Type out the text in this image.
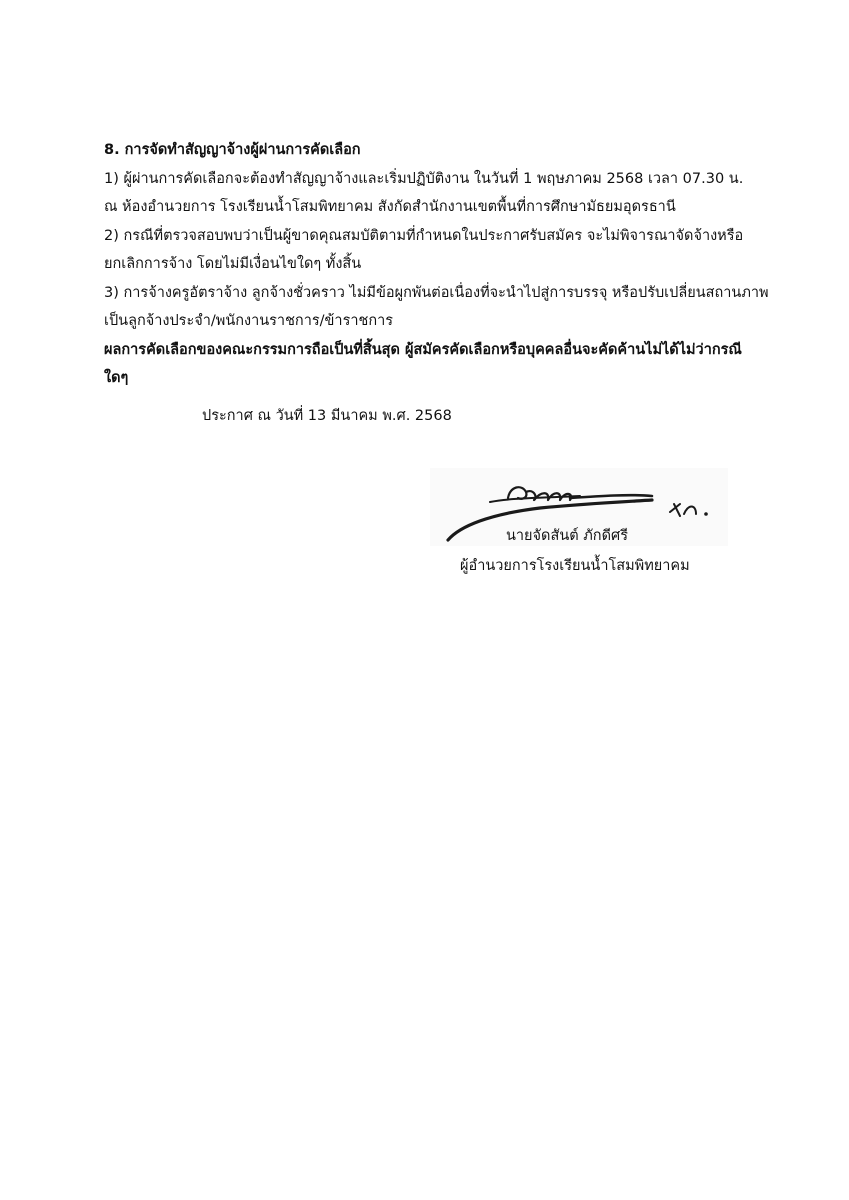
8. การจัดทำสัญญาจ้างผู้ผ่านการคัดเลือก
1) ผู้ผ่านการคัดเลือกจะต้องทำสัญญาจ้างและเริ่มปฏิบัติงาน ในวันที่ 1 พฤษภาคม 2568 เวลา 07.30 น.
ณ ห้องอำนวยการ โรงเรียนน้ำโสมพิทยาคม สังกัดสำนักงานเขตพื้นที่การศึกษามัธยมอุดรธานี
2) กรณีที่ตรวจสอบพบว่าเป็นผู้ขาดคุณสมบัติตามที่กำหนดในประกาศรับสมัคร จะไม่พิจารณาจัดจ้างหรือ
ยกเลิกการจ้าง โดยไม่มีเงื่อนไขใดๆ ทั้งสิ้น
3) การจ้างครูอัตราจ้าง ลูกจ้างชั่วคราว ไม่มีข้อผูกพันต่อเนื่องที่จะนำไปสู่การบรรจุ หรือปรับเปลี่ยนสถานภาพ
เป็นลูกจ้างประจำ/พนักงานราชการ/ข้าราชการ
ผลการคัดเลือกของคณะกรรมการถือเป็นที่สิ้นสุด ผู้สมัครคัดเลือกหรือบุคคลอื่นจะคัดค้านไม่ได้ไม่ว่ากรณี
ใดๆ
ประกาศ ณ วันที่ 13 มีนาคม พ.ศ. 2568
นายจัดสันต์ ภักดีศรี
ผู้อำนวยการโรงเรียนน้ำโสมพิทยาคม
